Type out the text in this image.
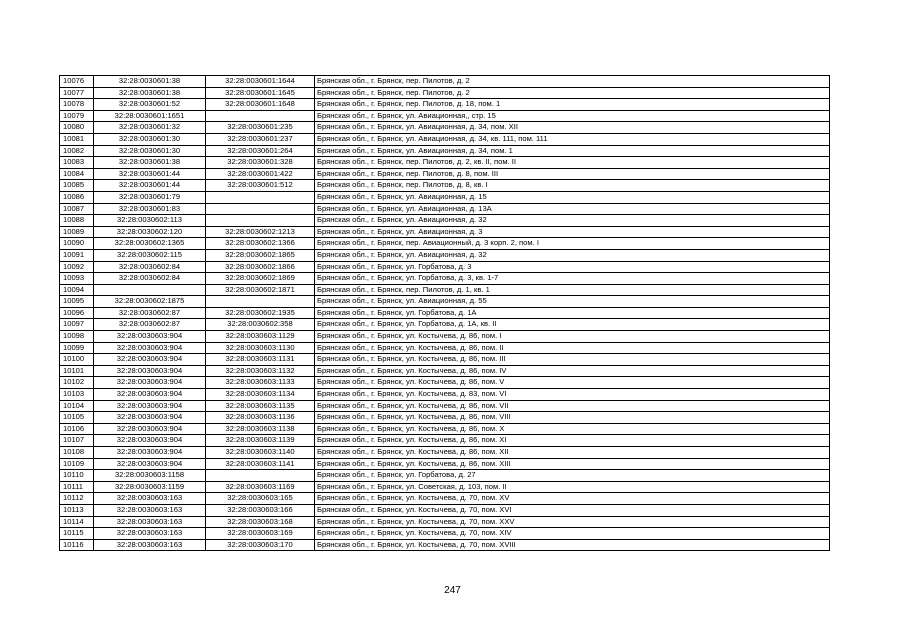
10076	32:28:0030601:38	32:28:0030601:1644	Брянская обл., г. Брянск, пер. Пилотов, д. 2
10077	32:28:0030601:38	32:28:0030601:1645	Брянская обл., г. Брянск, пер. Пилотов, д. 2
10078	32:28:0030601:52	32:28:0030601:1648	Брянская обл., г. Брянск, пер. Пилотов, д. 18, пом. 1
10079	32:28:0030601:1651		Брянская обл., г. Брянск, ул. Авиационная,, стр. 15
10080	32:28:0030601:32	32:28:0030601:235	Брянская обл., г. Брянск, ул. Авиационная, д. 34, пом. XII
10081	32:28:0030601:30	32:28:0030601:237	Брянская обл., г. Брянск, ул. Авиационная, д. 34, кв. 111, пом. 111
10082	32:28:0030601:30	32:28:0030601:264	Брянская обл., г. Брянск, ул. Авиационная, д. 34, пом. 1
10083	32:28:0030601:38	32:28:0030601:328	Брянская обл., г. Брянск, пер. Пилотов, д. 2, кв. II, пом. II
10084	32:28:0030601:44	32:28:0030601:422	Брянская обл., г. Брянск, пер. Пилотов, д. 8, пом. III
10085	32:28:0030601:44	32:28:0030601:512	Брянская обл., г. Брянск, пер. Пилотов, д. 8, кв. I
10086	32:28:0030601:79		Брянская обл., г. Брянск, ул. Авиационная, д. 15
10087	32:28:0030601:83		Брянская обл., г. Брянск, ул. Авиационная, д. 13А
10088	32:28:0030602:113		Брянская обл., г. Брянск, ул. Авиационная, д. 32
10089	32:28:0030602:120	32:28:0030602:1213	Брянская обл., г. Брянск, ул. Авиационная, д. 3
10090	32:28:0030602:1365	32:28:0030602:1366	Брянская обл., г. Брянск, пер. Авиационный, д. 3 корп. 2, пом. I
10091	32:28:0030602:115	32:28:0030602:1865	Брянская обл., г. Брянск, ул. Авиационная, д. 32
10092	32:28:0030602:84	32:28:0030602:1866	Брянская обл., г. Брянск, ул. Горбатова, д. 3
10093	32:28:0030602:84	32:28:0030602:1869	Брянская обл., г. Брянск, ул. Горбатова, д. 3, кв. 1-7
10094		32:28:0030602:1871	Брянская обл., г. Брянск, пер. Пилотов, д. 1, кв. 1
10095	32:28:0030602:1875		Брянская обл., г. Брянск, ул. Авиационная, д. 55
10096	32:28:0030602:87	32:28:0030602:1935	Брянская обл., г. Брянск, ул. Горбатова, д. 1А
10097	32:28:0030602:87	32:28:0030602:358	Брянская обл., г. Брянск, ул. Горбатова, д. 1А, кв. II
10098	32:28:0030603:904	32:28:0030603:1129	Брянская обл., г. Брянск, ул. Костычева, д. 86, пом. I
10099	32:28:0030603:904	32:28:0030603:1130	Брянская обл., г. Брянск, ул. Костычева, д. 86, пом. II
10100	32:28:0030603:904	32:28:0030603:1131	Брянская обл., г. Брянск, ул. Костычева, д. 86, пом. III
10101	32:28:0030603:904	32:28:0030603:1132	Брянская обл., г. Брянск, ул. Костычева, д. 86, пом. IV
10102	32:28:0030603:904	32:28:0030603:1133	Брянская обл., г. Брянск, ул. Костычева, д. 86, пом. V
10103	32:28:0030603:904	32:28:0030603:1134	Брянская обл., г. Брянск, ул. Костычева, д. 83, пом. VI
10104	32:28:0030603:904	32:28:0030603:1135	Брянская обл., г. Брянск, ул. Костычева, д. 86, пом. VII
10105	32:28:0030603:904	32:28:0030603:1136	Брянская обл., г. Брянск, ул. Костычева, д. 86, пом. VIII
10106	32:28:0030603:904	32:28:0030603:1138	Брянская обл., г. Брянск, ул. Костычева, д. 86, пом. X
10107	32:28:0030603:904	32:28:0030603:1139	Брянская обл., г. Брянск, ул. Костычева, д. 86, пом. XI
10108	32:28:0030603:904	32:28:0030603:1140	Брянская обл., г. Брянск, ул. Костычева, д. 86, пом. XII
10109	32:28:0030603:904	32:28:0030603:1141	Брянская обл., г. Брянск, ул. Костычева, д. 86, пом. XIII
10110	32:28:0030603:1158		Брянская обл., г. Брянск, ул. Горбатова, д. 27
10111	32:28:0030603:1159	32:28:0030603:1169	Брянская обл., г. Брянск, ул. Советская, д. 103, пом. II
10112	32:28:0030603:163	32:28:0030603:165	Брянская обл., г. Брянск, ул. Костычева, д. 70, пом. XV
10113	32:28:0030603:163	32:28:0030603:166	Брянская обл., г. Брянск, ул. Костычева, д. 70, пом. XVI
10114	32:28:0030603:163	32:28:0030603:168	Брянская обл., г. Брянск, ул. Костычева, д. 70, пом. XXV
10115	32:28:0030603:163	32:28:0030603:169	Брянская обл., г. Брянск, ул. Костычева, д. 70, пом. XIV
10116	32:28:0030603:163	32:28:0030603:170	Брянская обл., г. Брянск, ул. Костычева, д. 70, пом. XVIII
247
